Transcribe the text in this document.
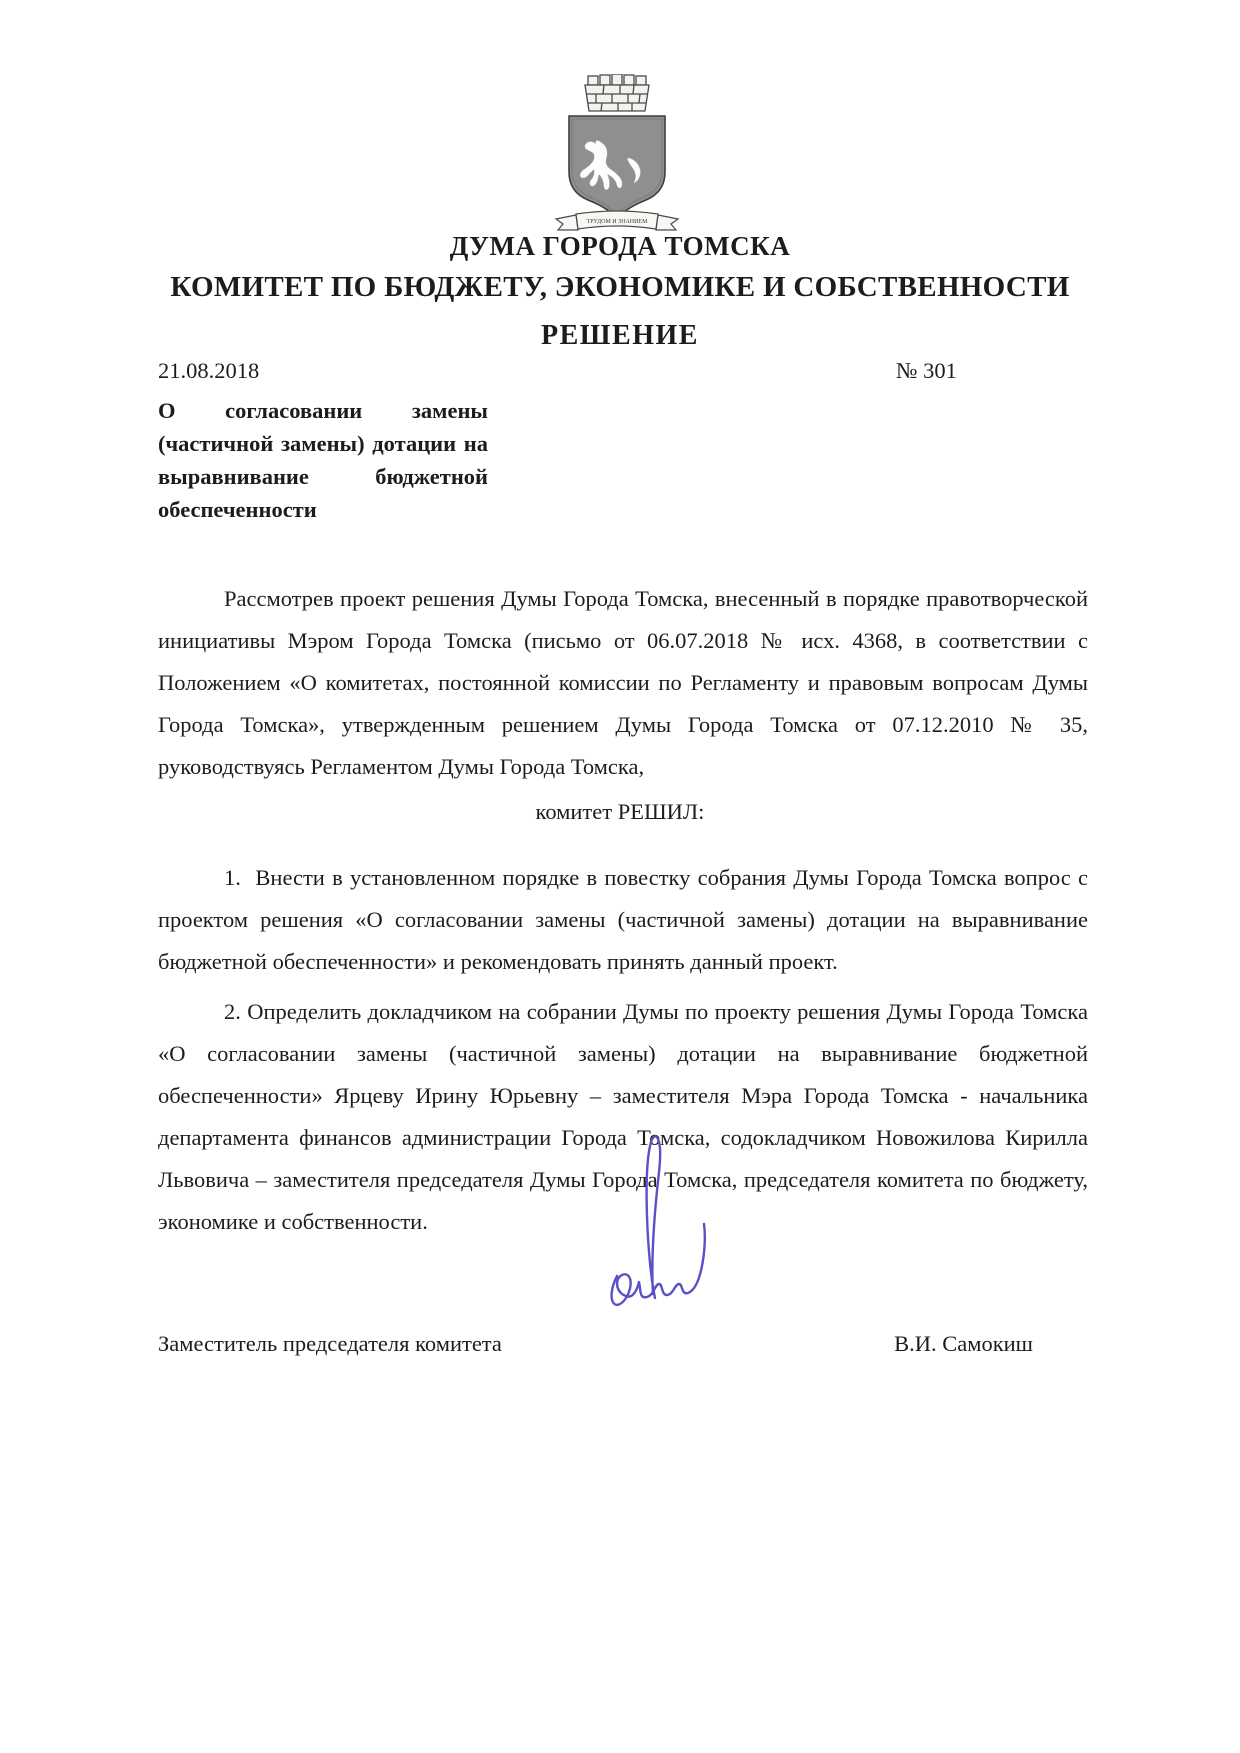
ТРУДОМ И ЗНАНИЕМ
ДУМА ГОРОДА ТОМСКА
КОМИТЕТ ПО БЮДЖЕТУ, ЭКОНОМИКЕ И СОБСТВЕННОСТИ
РЕШЕНИЕ
21.08.2018	№ 301
О согласовании замены (частичной замены) дотации на выравнивание бюджетной обеспеченности
Рассмотрев проект решения Думы Города Томска, внесенный в порядке правотворческой инициативы Мэром Города Томска (письмо от 06.07.2018 № исх. 4368, в соответствии с Положением «О комитетах, постоянной комиссии по Регламенту и правовым вопросам Думы Города Томска», утвержденным решением Думы Города Томска от 07.12.2010 № 35, руководствуясь Регламентом Думы Города Томска,
комитет РЕШИЛ:

1.  Внести в установленном порядке в повестку собрания Думы Города Томска вопрос с проектом решения «О согласовании замены (частичной замены) дотации на выравнивание бюджетной обеспеченности» и рекомендовать принять данный проект.

2. Определить докладчиком на собрании Думы по проекту решения Думы Города Томска «О согласовании замены (частичной замены) дотации на выравнивание бюджетной обеспеченности» Ярцеву Ирину Юрьевну – заместителя Мэра Города Томска - начальника департамента финансов администрации Города Томска, содокладчиком Новожилова Кирилла Львовича – заместителя председателя Думы Города Томска, председателя комитета по бюджету, экономике и собственности.

Заместитель председателя комитета	В.И. Самокиш
